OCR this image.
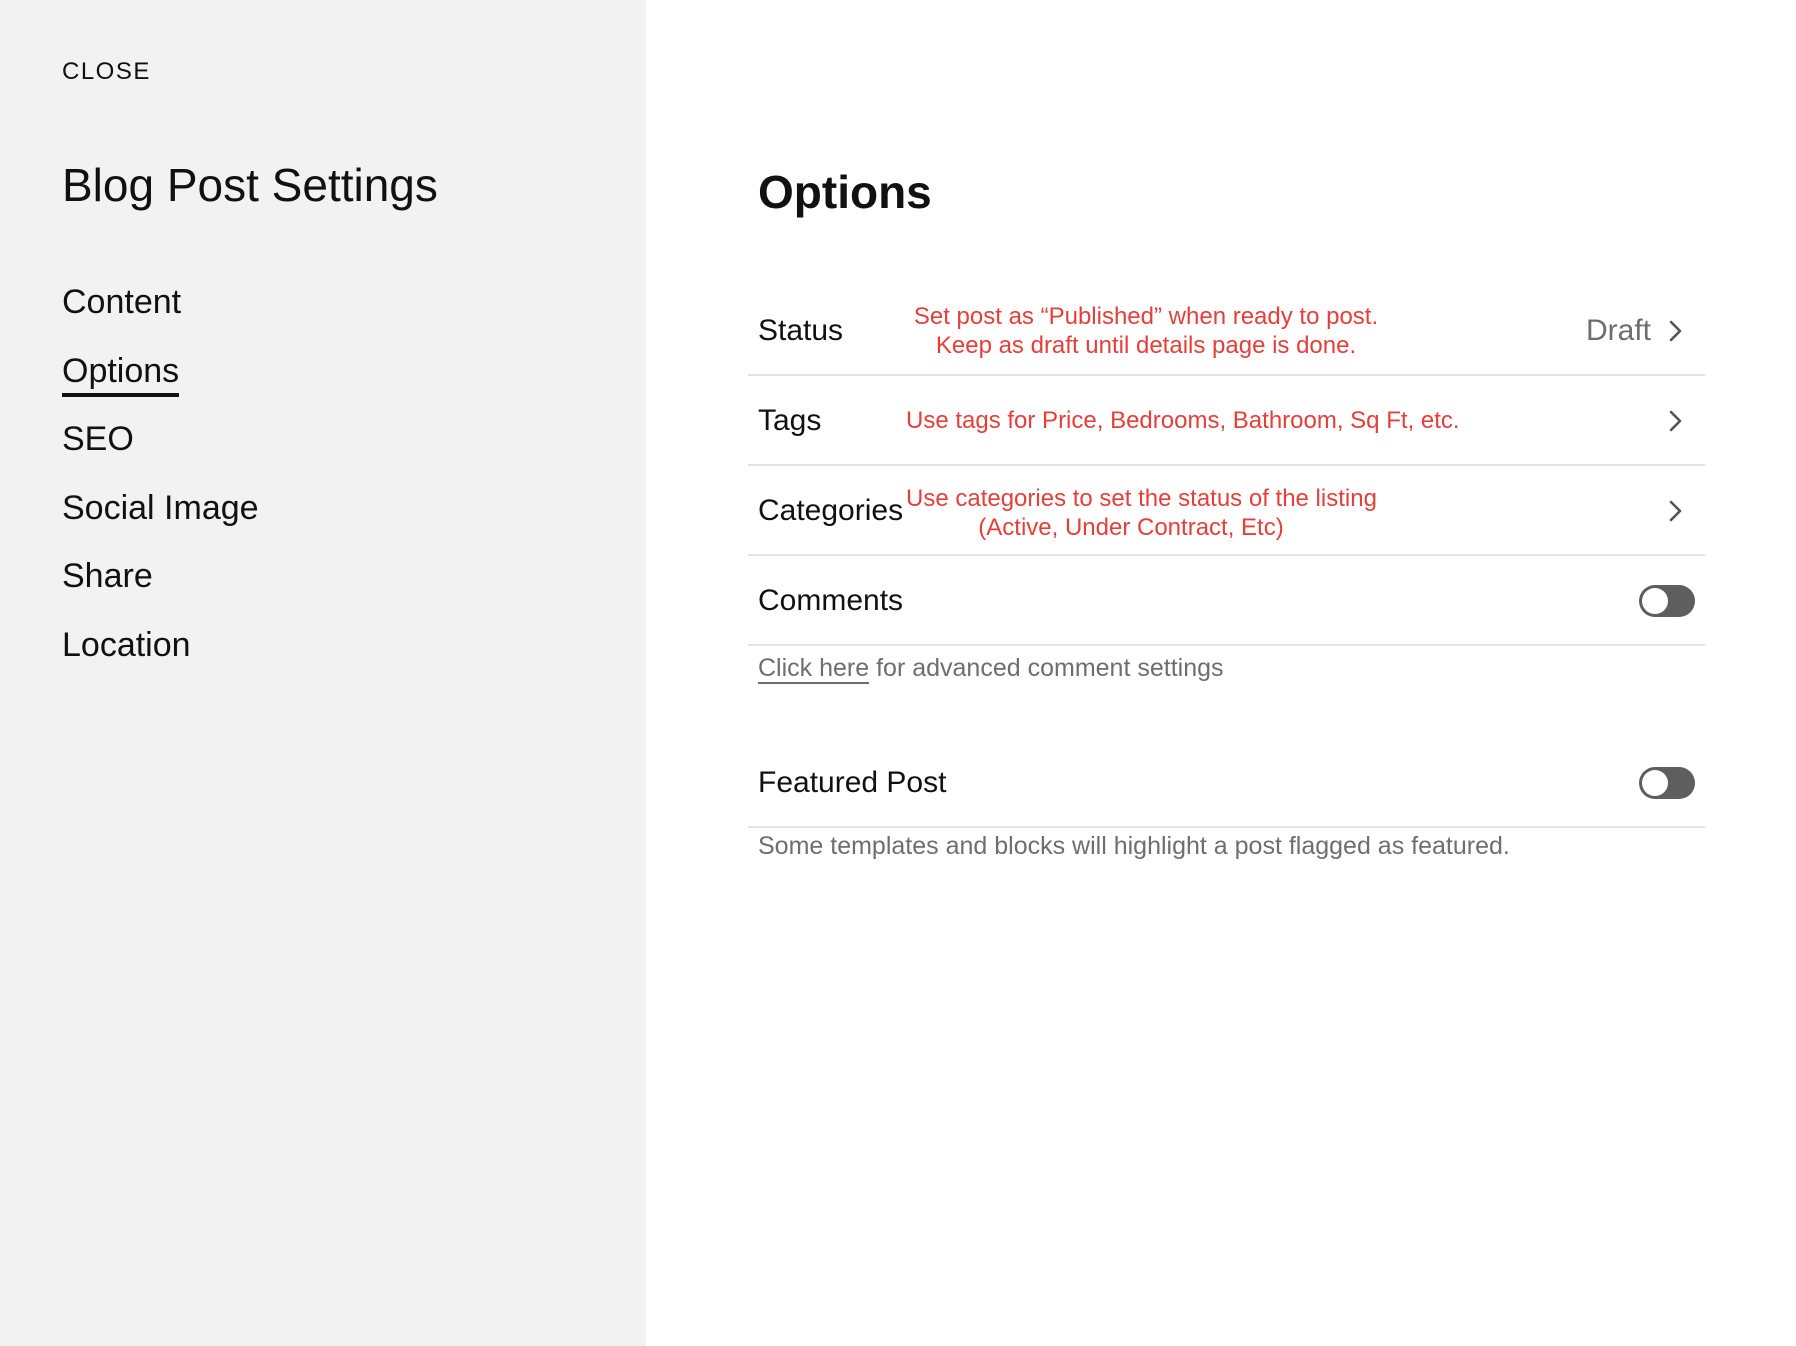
CLOSE
Blog Post Settings
Content
Options
SEO
Social Image
Share
Location
Options
Status	Set post as “Published” when ready to post.
Keep as draft until details page is done.	Draft
Tags	Use tags for Price, Bedrooms, Bathroom, Sq Ft, etc.
Categories Use categories to set the status of the listing
(Active, Under Contract, Etc)
Comments
Click here for advanced comment settings
Featured Post
Some templates and blocks will highlight a post flagged as featured.
